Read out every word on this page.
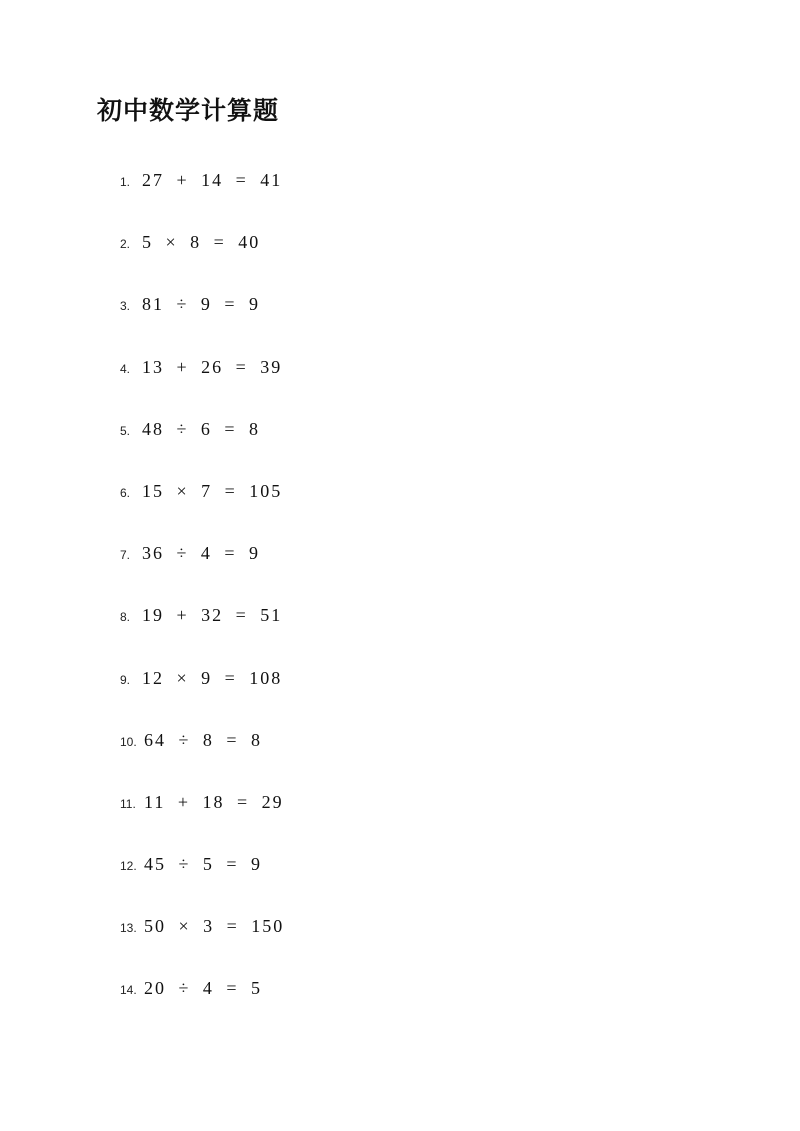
初中数学计算题
1. 27 + 14 = 41
2. 5 × 8 = 40
3. 81 ÷ 9 = 9
4. 13 + 26 = 39
5. 48 ÷ 6 = 8
6. 15 × 7 = 105
7. 36 ÷ 4 = 9
8. 19 + 32 = 51
9. 12 × 9 = 108
10. 64 ÷ 8 = 8
11. 11 + 18 = 29
12. 45 ÷ 5 = 9
13. 50 × 3 = 150
14. 20 ÷ 4 = 5
